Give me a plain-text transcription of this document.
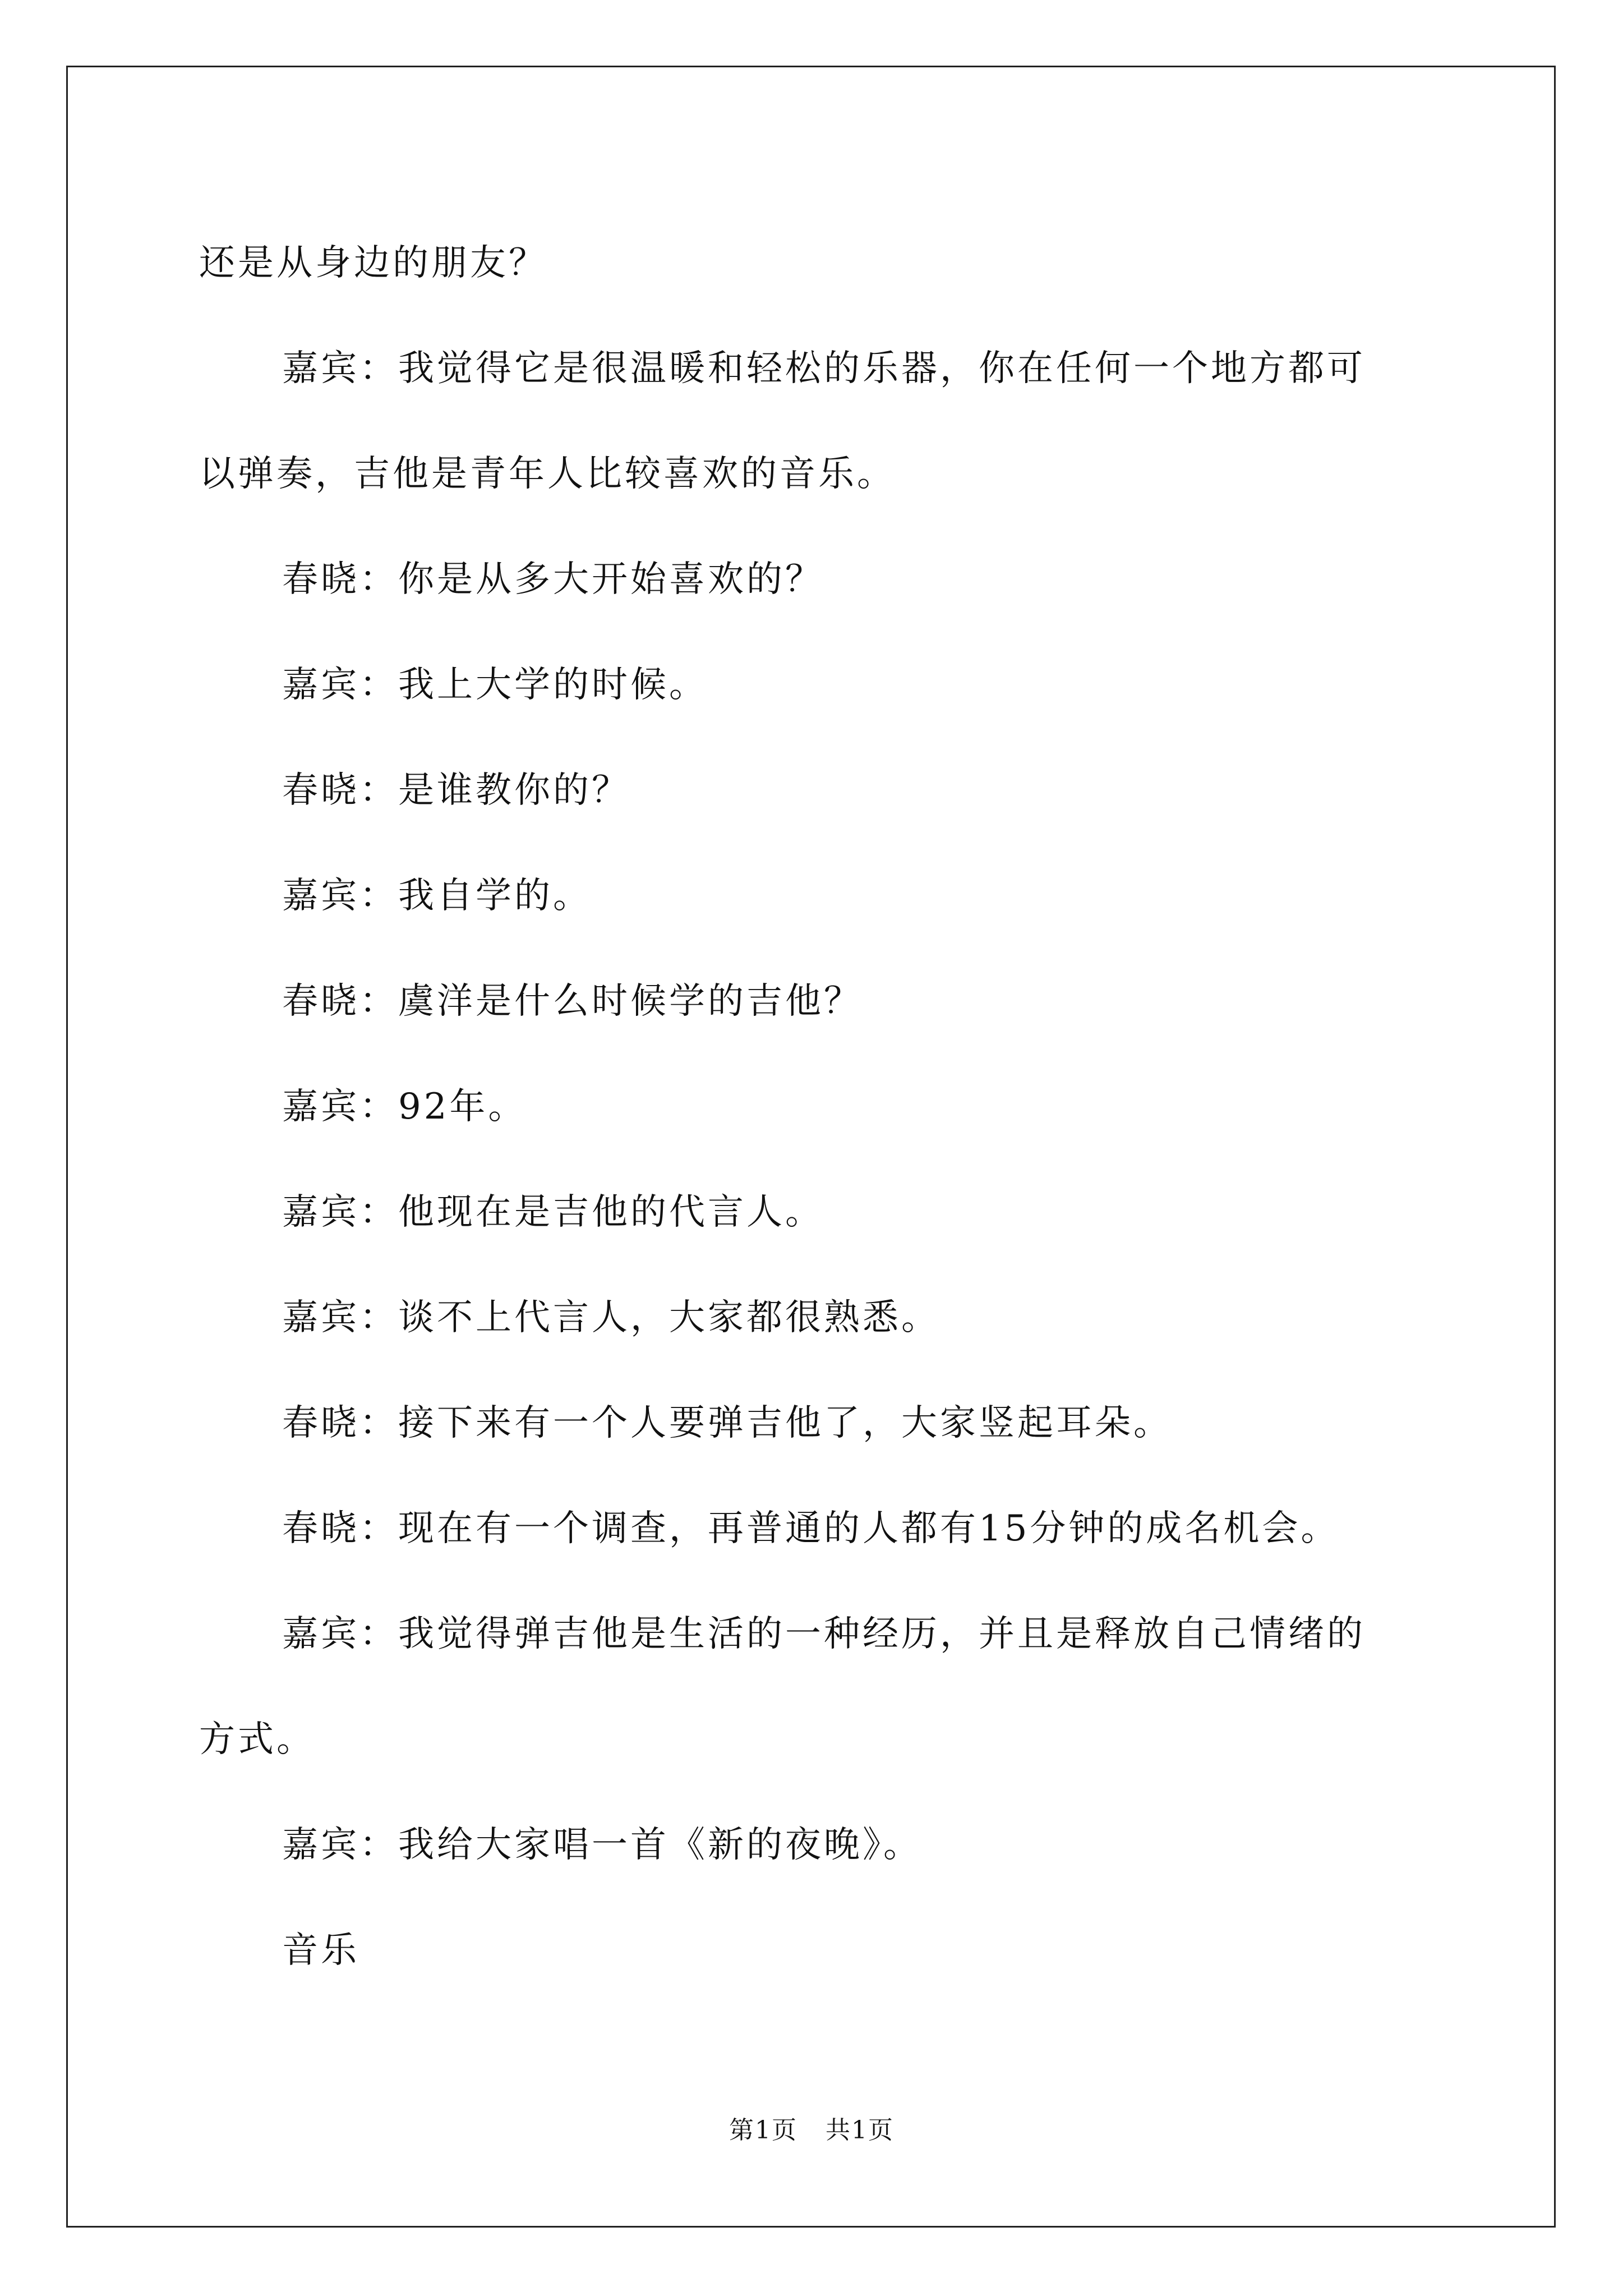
还是从身边的朋友？
嘉宾：我觉得它是很温暖和轻松的乐器，你在任何一个地方都可
以弹奏，吉他是青年人比较喜欢的音乐。
春晓：你是从多大开始喜欢的？
嘉宾：我上大学的时候。
春晓：是谁教你的？
嘉宾：我自学的。
春晓：虞洋是什么时候学的吉他？
嘉宾：92年。
嘉宾：他现在是吉他的代言人。
嘉宾：谈不上代言人，大家都很熟悉。
春晓：接下来有一个人要弹吉他了，大家竖起耳朵。
春晓：现在有一个调查，再普通的人都有15分钟的成名机会。
嘉宾：我觉得弹吉他是生活的一种经历，并且是释放自己情绪的
方式。
嘉宾：我给大家唱一首《新的夜晚》。
音乐
第1页 共1页
